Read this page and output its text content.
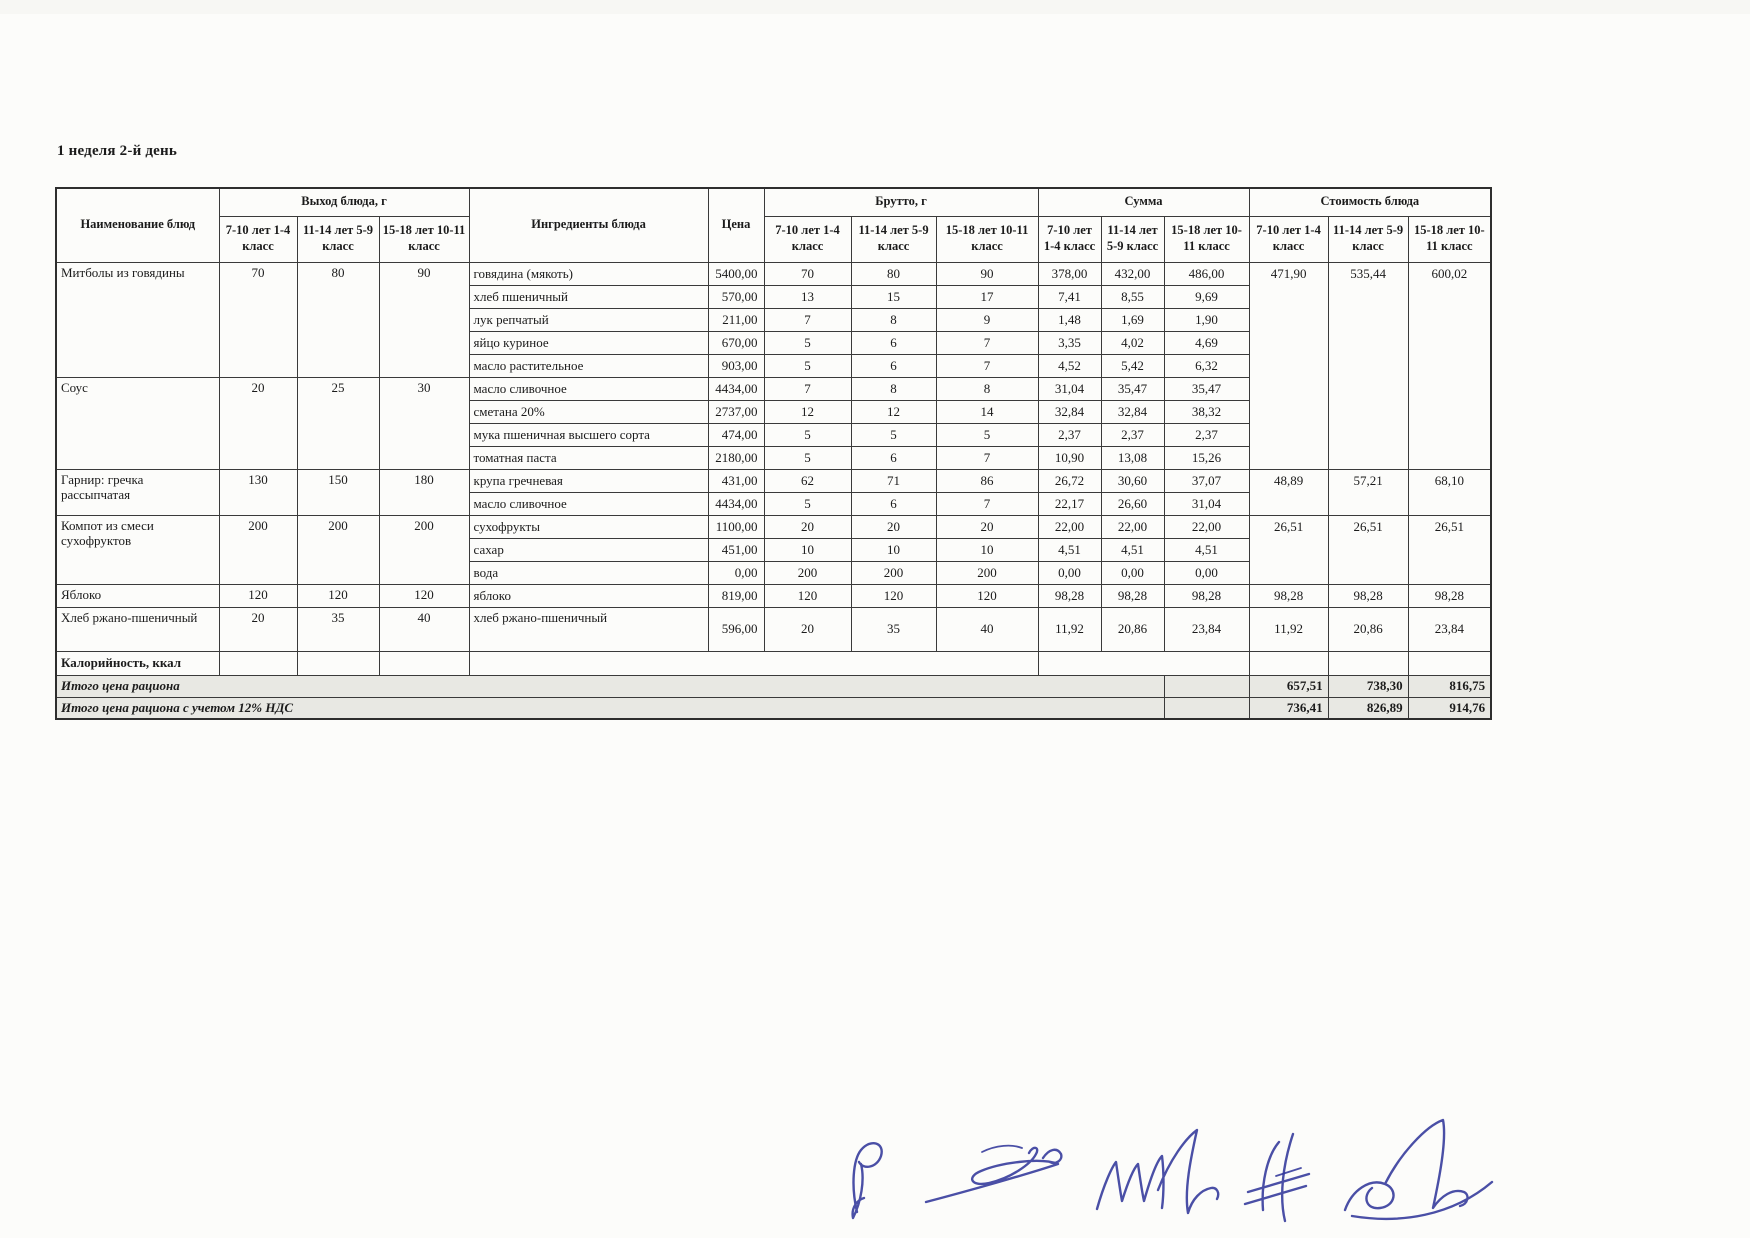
1 неделя 2-й день
Наименование блюд	Выход блюда, г			Ингредиенты блюда	Цена	Брутто, г			Сумма			Стоимость блюда		
	7-10 лет 1-4 класс	11-14 лет 5-9 класс	15-18 лет 10-11 класс			7-10 лет 1-4 класс	11-14 лет 5-9 класс	15-18 лет 10-11 класс	7-10 лет 1-4 класс	11-14 лет 5-9 класс	15-18 лет 10-11 класс	7-10 лет 1-4 класс	11-14 лет 5-9 класс	15-18 лет 10-11 класс
Митболы из говядины	70	80	90	говядина (мякоть)	5400,00	70	80	90	378,00	432,00	486,00	471,90	535,44	600,02
				хлеб пшеничный	570,00	13	15	17	7,41	8,55	9,69			
				лук репчатый	211,00	7	8	9	1,48	1,69	1,90			
				яйцо куриное	670,00	5	6	7	3,35	4,02	4,69			
				масло растительное	903,00	5	6	7	4,52	5,42	6,32			
Соус	20	25	30	масло сливочное	4434,00	7	8	8	31,04	35,47	35,47			
				сметана 20%	2737,00	12	12	14	32,84	32,84	38,32			
				мука пшеничная высшего сорта	474,00	5	5	5	2,37	2,37	2,37			
				томатная паста	2180,00	5	6	7	10,90	13,08	15,26			
Гарнир: гречка рассыпчатая	130	150	180	крупа гречневая	431,00	62	71	86	26,72	30,60	37,07	48,89	57,21	68,10
				масло сливочное	4434,00	5	6	7	22,17	26,60	31,04			
Компот из смеси сухофруктов	200	200	200	сухофрукты	1100,00	20	20	20	22,00	22,00	22,00	26,51	26,51	26,51
				сахар	451,00	10	10	10	4,51	4,51	4,51			
				вода	0,00	200	200	200	0,00	0,00	0,00			
Яблоко	120	120	120	яблоко	819,00	120	120	120	98,28	98,28	98,28	98,28	98,28	98,28
Хлеб ржано-пшеничный	20	35	40	хлеб ржано-пшеничный	596,00	20	35	40	11,92	20,86	23,84	11,92	20,86	23,84
Калорийность, ккал														
Итого цена рациона												657,51	738,30	816,75
Итого цена рациона с учетом 12% НДС												736,41	826,89	914,76
